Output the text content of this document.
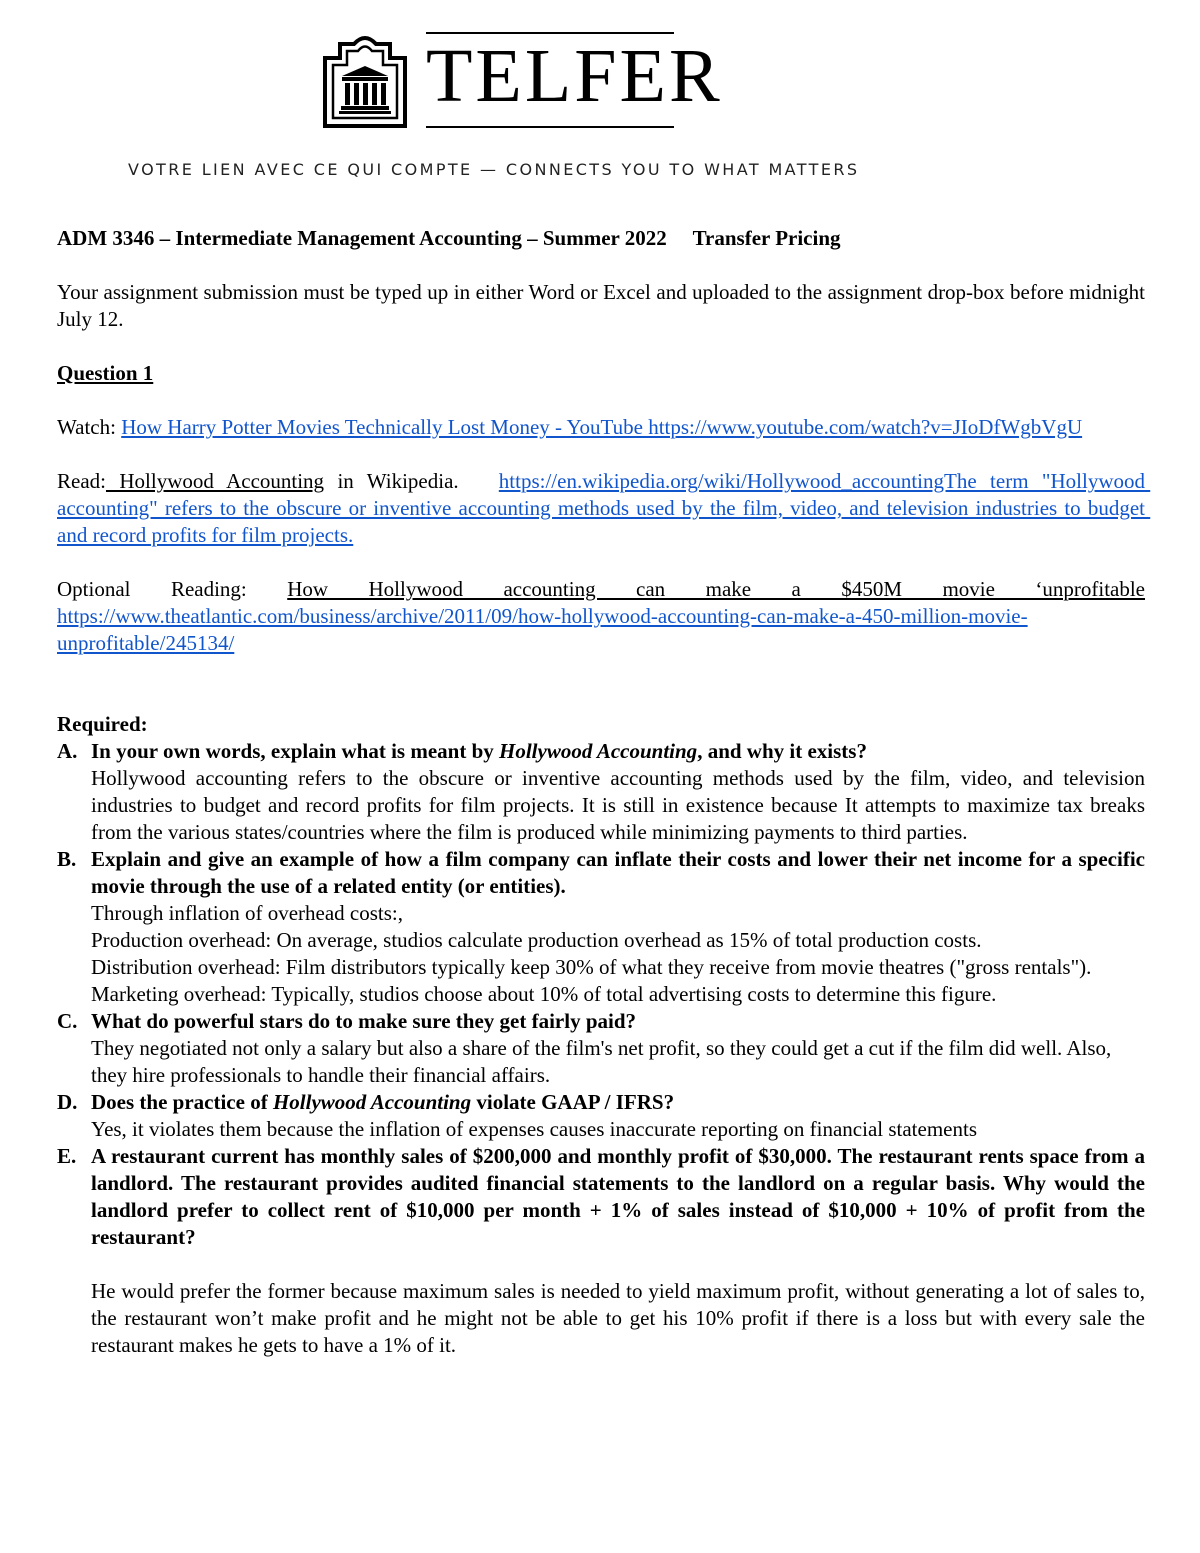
TELFER

VOTRE LIEN AVEC CE QUI COMPTE — CONNECTS YOU TO WHAT MATTERS

ADM 3346 – Intermediate Management Accounting – Summer 2022     Transfer Pricing

Your assignment submission must be typed up in either Word or Excel and uploaded to the assignment drop-box before midnight July 12.

Question 1

Watch: How Harry Potter Movies Technically Lost Money - YouTube https://www.youtube.com/watch?v=JIoDfWgbVgU

Read: Hollywood Accounting in Wikipedia.   https://en.wikipedia.org/wiki/Hollywood_accountingThe term "Hollywood accounting" refers to the obscure or inventive accounting methods used by the film, video, and television industries to budget and record profits for film projects.

Optional Reading: How Hollywood accounting can make a $450M movie ‘unprofitable

https://www.theatlantic.com/business/archive/2011/09/how-hollywood-accounting-can-make-a-450-million-movie-unprofitable/245134/

Required:

A. In your own words, explain what is meant by Hollywood Accounting, and why it exists?

Hollywood accounting refers to the obscure or inventive accounting methods used by the film, video, and television industries to budget and record profits for film projects. It is still in existence because It attempts to maximize tax breaks from the various states/countries where the film is produced while minimizing payments to third parties.

B. Explain and give an example of how a film company can inflate their costs and lower their net income for a specific movie through the use of a related entity (or entities).

Through inflation of overhead costs:,

Production overhead: On average, studios calculate production overhead as 15% of total production costs.

Distribution overhead: Film distributors typically keep 30% of what they receive from movie theatres ("gross rentals").

Marketing overhead: Typically, studios choose about 10% of total advertising costs to determine this figure.

C. What do powerful stars do to make sure they get fairly paid?

They negotiated not only a salary but also a share of the film's net profit, so they could get a cut if the film did well. Also, they hire professionals to handle their financial affairs.

D. Does the practice of Hollywood Accounting violate GAAP / IFRS?

Yes, it violates them because the inflation of expenses causes inaccurate reporting on financial statements

E. A restaurant current has monthly sales of $200,000 and monthly profit of $30,000. The restaurant rents space from a landlord. The restaurant provides audited financial statements to the landlord on a regular basis. Why would the landlord prefer to collect rent of $10,000 per month + 1% of sales instead of $10,000 + 10% of profit from the restaurant?

He would prefer the former because maximum sales is needed to yield maximum profit, without generating a lot of sales to, the restaurant won’t make profit and he might not be able to get his 10% profit if there is a loss but with every sale the restaurant makes he gets to have a 1% of it.
